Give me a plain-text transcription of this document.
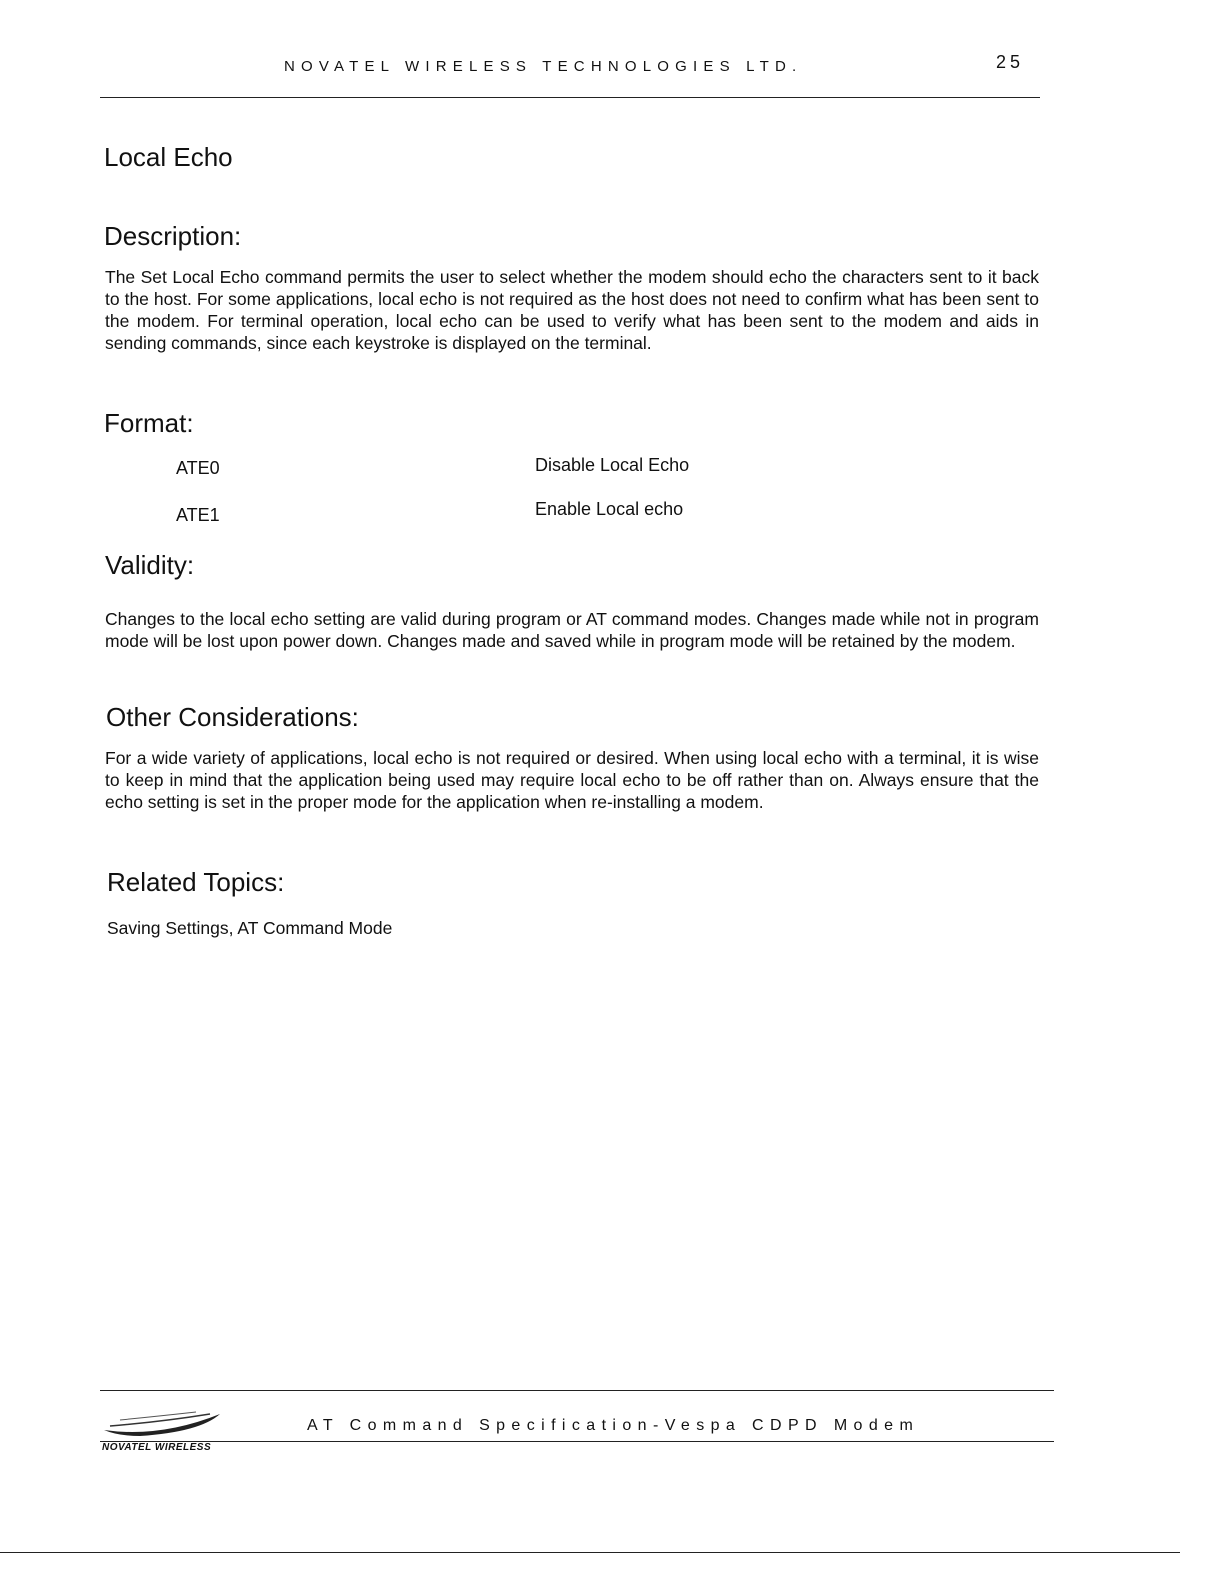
NOVATEL WIRELESS TECHNOLOGIES LTD.	25
Local Echo
Description:

The Set Local Echo command permits the user to select whether the modem should echo the characters sent to it back to the host. For some applications, local echo is not required as the host does not need to confirm what has been sent to the modem. For terminal operation, local echo can be used to verify what has been sent to the modem and aids in sending commands, since each keystroke is displayed on the terminal.

Format:
ATE0	Disable Local Echo
ATE1	Enable Local echo
Validity:

Changes to the local echo setting are valid during program or AT command modes. Changes made while not in program mode will be lost upon power down. Changes made and saved while in program mode will be retained by the modem.

Other Considerations:

For a wide variety of applications, local echo is not required or desired. When using local echo with a terminal, it is wise to keep in mind that the application being used may require local echo to be off rather than on. Always ensure that the echo setting is set in the proper mode for the application when re-installing a modem.

Related Topics:
Saving Settings, AT Command Mode
NOVATEL WIRELESS
AT Command Specification-Vespa CDPD Modem
